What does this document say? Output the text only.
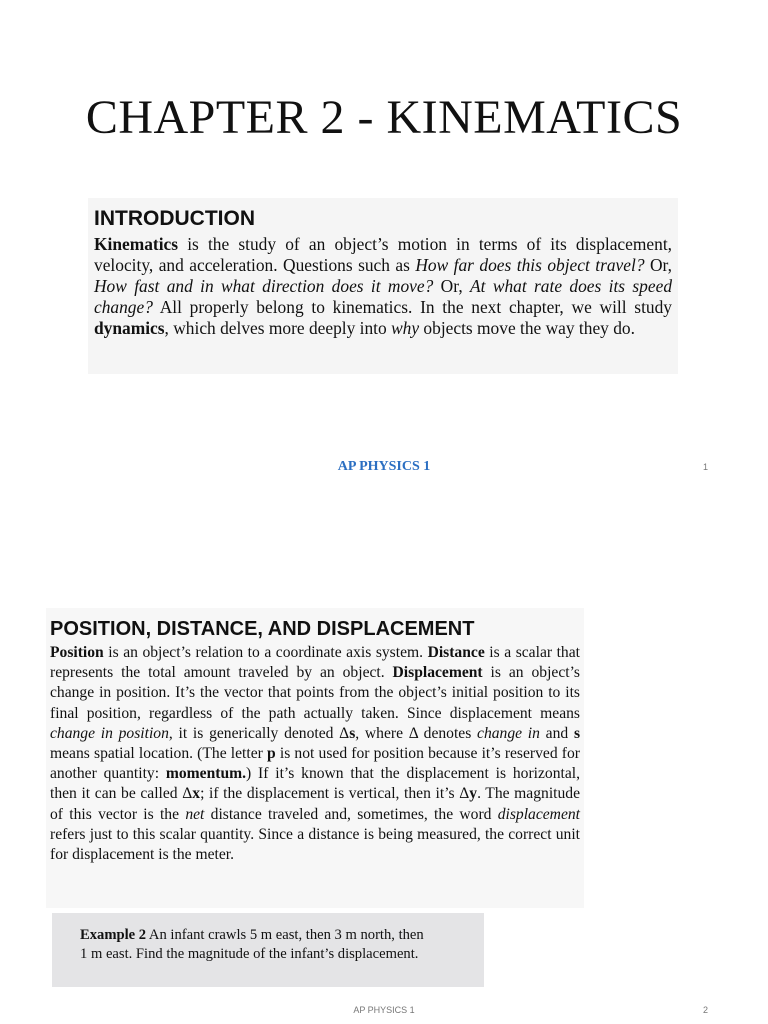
CHAPTER 2 - KINEMATICS
INTRODUCTION

Kinematics is the study of an object’s motion in terms of its displacement, velocity, and acceleration. Questions such as How far does this object travel? Or, How fast and in what direction does it move? Or, At what rate does its speed change? All properly belong to kinematics. In the next chapter, we will study dynamics, which delves more deeply into why objects move the way they do.

AP PHYSICS 1	1
POSITION, DISTANCE, AND DISPLACEMENT

Position is an object’s relation to a coordinate axis system. Distance is a scalar that represents the total amount traveled by an object. Displacement is an object’s change in position. It’s the vector that points from the object’s initial position to its final position, regardless of the path actually taken. Since displacement means change in position, it is generically denoted Δs, where Δ denotes change in and s means spatial location. (The letter p is not used for position because it’s reserved for another quantity: momentum.) If it’s known that the displacement is horizontal, then it can be called Δx; if the displacement is vertical, then it’s Δy. The magnitude of this vector is the net distance traveled and, sometimes, the word displacement refers just to this scalar quantity. Since a distance is being measured, the correct unit for displacement is the meter.

Example 2 An infant crawls 5 m east, then 3 m north, then 1 m east. Find the magnitude of the infant’s displacement.

AP PHYSICS 1	2
